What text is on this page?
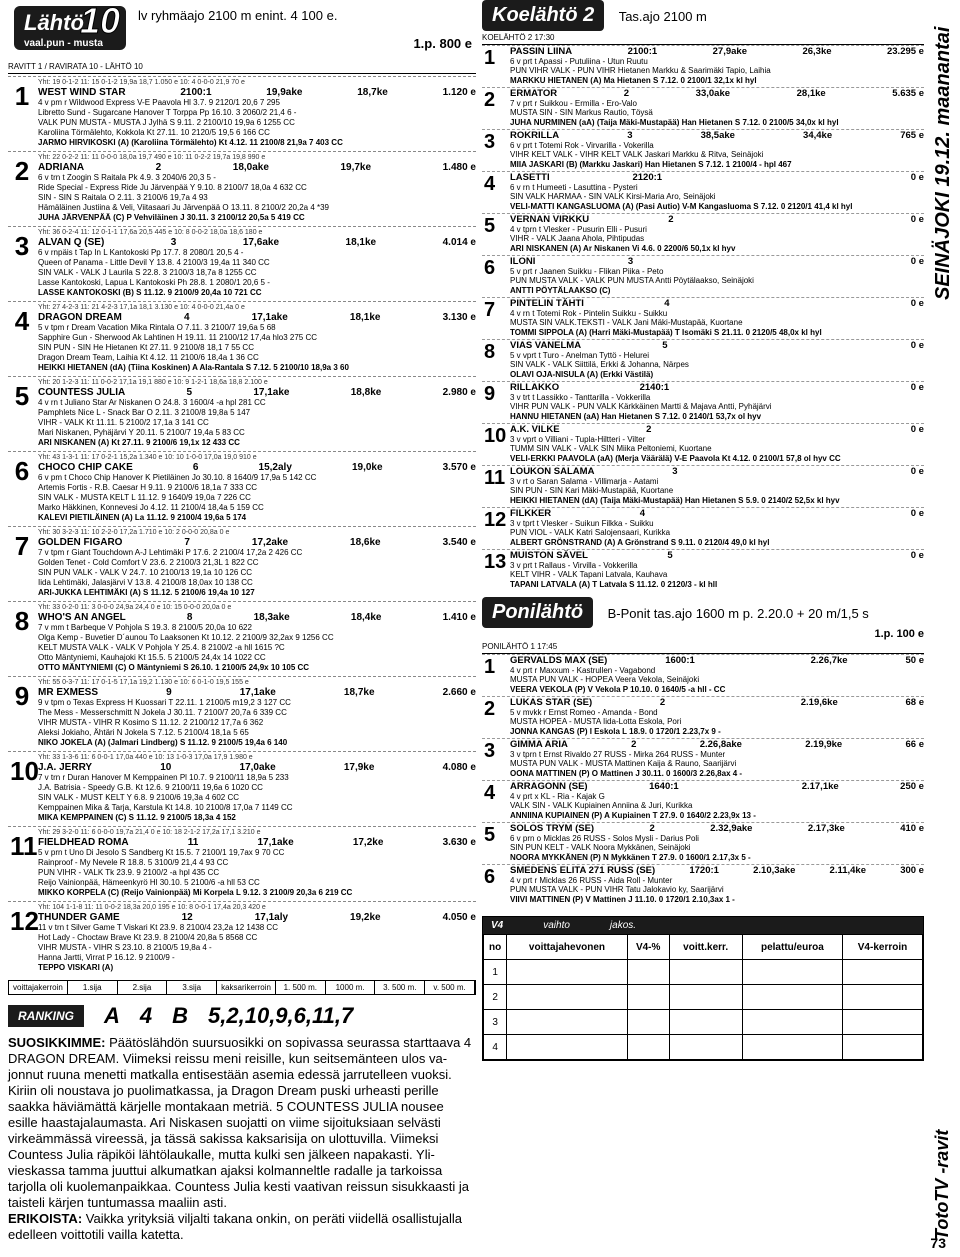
Lähtö
10
vaal.pun - musta
lv ryhmäajo 2100 m enint. 4 100 e.
1.p. 800 e
RAVITT 1 / RAVIRATA 10 - LÄHTÖ 10
1	Yht: 19 0-1-2 11: 15 0-1-2 19,9a 18,7 1.050 e 10: 4 0-0-0 21,9 70 e
WEST WIND STAR	2100:1	19,9ake	18,7ke	1.120 e
4 v pm r Wildwood Express V-E Paavola Hl 3.7. 9 2120/1 20,6 7 295
Libretto Sund - Sugarcane Hanover T Torppa Pp 16.10. 3 2060/2 21,4 6 -
VALK PUN MUSTA - MUSTA J Jylhä S 9.11. 2 2100/10 19,9a 6 1255 CC
Karoliina Törmälehto, Kokkola Kt 27.11. 10 2120/5 19,5 6 166 CC
JARMO HIRVIKOSKI (A) (Karoliina Törmälehto) Kt 4.12. 11 2100/8 21,9a 7 403 CC
2	Yht: 22 0-2-2 11: 11 0-0-0 18,0a 19,7 490 e 10: 11 0-2-2 19,7a 19,8 990 e
ADRIANA	2	18,0ake	19,7ke	1.480 e
6 v trn t Zoogin S Raitala Pk 4.9. 3 2040/6 20,3 5 -
Ride Special - Express Ride Ju Järvenpää Y 9.10. 8 2100/7 18,0a 4 632 CC
SIN - SIN S Raitala O 2.11. 3 2100/6 19,7a 4 93
Hämäläinen Justiina & Veli, Viitasaari Ju Järvenpää O 13.11. 8 2100/2 20,2a 4 *39
JUHA JÄRVENPÄÄ (C) P Vehviläinen J 30.11. 3 2100/12 20,5a 5 419 CC
3	Yht: 36 0-2-4 11: 12 0-1-1 17,6a 20,5 445 e 10: 8 0-0-2 18,0a 18,6 180 e
ALVAN Q (SE)	3	17,6ake	18,1ke	4.014 e
6 v rnpäis t Tap In L Kantokoski Pp 17.7. 8 2080/1 20,5 4 -
Queen of Panama - Little Devil Y 13.8. 4 2100/3 19,4a 11 340 CC
SIN VALK - VALK J Laurila S 22.8. 3 2100/3 18,7a 8 1255 CC
Lasse Kantokoski, Lapua L Kantokoski Ph 28.8. 1 2080/1 20,6 5 -
LASSE KANTOKOSKI (B) S 11.12. 9 2100/9 20,4a 10 721 CC
4	Yht: 27 4-2-3 11: 21 4-2-3 17,1a 18,1 3.130 e 10: 4 0-0-0 21,4a 0 e
DRAGON DREAM	4	17,1ake	18,1ke	3.130 e
5 v tpm r Dream Vacation Mika Rintala O 7.11. 3 2100/7 19,6a 5 68
Sapphire Gun - Sherwood Ak Lahtinen H 19.11. 11 2100/12 17,4a hlo3 275 CC
SIN PUN - SIN He Hietanen Kt 27.11. 9 2100/8 18,1 7 55 CC
Dragon Dream Team, Laihia Kt 4.12. 11 2100/6 18,4a 1 36 CC
HEIKKI HIETANEN (dA) (Tiina Koskinen) A Ala-Rantala S 7.12. 5 2100/10 18,9a 3 60
5	Yht: 20 1-2-3 11: 11 0-0-2 17,1a 19,1 880 e 10: 9 1-2-1 18,6a 18,8 2.100 e
COUNTESS JULIA	5	17,1ake	18,8ke	2.980 e
4 v rn t Juliano Star Ar Niskanen O 24.8. 3 1600/4 -a hpl 281 CC
Pamphlets Nice L - Snack Bar O 2.11. 3 2100/8 19,8a 5 147
VIHR - VALK Kt 11.11. 5 2100/2 17,1a 3 141 CC
Mari Niskanen, Pyhäjärvi Y 20.11. 5 2100/7 19,4a 5 83 CC
ARI NISKANEN (A) Kt 27.11. 9 2100/6 19,1x 12 433 CC
6	Yht: 43 1-3-1 11: 17 0-2-1 15,2a 1.340 e 10: 10 1-0-0 17,0a 19,0 910 e
CHOCO CHIP CAKE	6	15,2aly	19,0ke	3.570 e
6 v pm t Choco Chip Hanover K Pietiläinen Jo 30.10. 8 1640/9 17,9a 5 142 CC
Artemis Fortis - R.B. Caesar H 9.11. 9 2100/6 18,1a 7 333 CC
SIN VALK - MUSTA KELT L 11.12. 9 1640/9 19,0a 7 226 CC
Marko Häkkinen, Konnevesi Jo 4.12. 11 2100/4 18,4a 5 159 CC
KALEVI PIETILÄINEN (A) La 11.12. 9 2100/4 19,6a 5 174
7	Yht: 30 3-2-3 11: 10 2-2-0 17,2a 1.710 e 10: 2 0-0-0 20,8a 0 e
GOLDEN FIGARO	7	17,2ake	18,6ke	3.540 e
7 v tpm r Giant Touchdown A-J Lehtimäki P 17.6. 2 2100/4 17,2a 2 426 CC
Golden Tenet - Cold Comfort V 23.6. 2 2100/3 21,3L 1 822 CC
SIN PUN VALK - VALK V 24.7. 10 2100/13 19,1a 10 126 CC
Iida Lehtimäki, Jalasjärvi V 13.8. 4 2100/8 18,0ax 10 138 CC
ARI-JUKKA LEHTIMÄKI (A) S 11.12. 5 2100/6 19,4a 10 127
8	Yht: 33 0-2-0 11: 3 0-0-0 24,9a 24,4 0 e 10: 15 0-0-0 20,0a 0 e
WHO'S AN ANGEL	8	18,3ake	18,4ke	1.410 e
7 v mm t Barbeque V Pohjola S 19.3. 8 2100/5 20,0a 10 622
Olga Kemp - Buvetier D´aunou To Laaksonen Kt 10.12. 2 2100/9 32,2ax 9 1256 CC
KELT MUSTA VALK - VALK V Pohjola Y 25.4. 8 2100/2 -a hll 1615 ?C
Otto Mäntyniemi, Kauhajoki Kt 15.5. 5 2100/5 24,4x 14 1022 CC
OTTO MÄNTYNIEMI (C) O Mäntyniemi S 26.10. 1 2100/5 24,9x 10 105 CC
9	Yht: 55 0-3-7 11: 17 0-1-5 17,1a 19,2 1.130 e 10: 6 0-1-0 19,5 155 e
MR EXMESS	9	17,1ake	18,7ke	2.660 e
9 v tpm o Texas Express H Kuossari T 22.11. 1 2100/5 m19,2 3 127 CC
The Mess - Messerschmitt N Jokela J 30.11. 7 2100/7 20,7a 6 339 CC
VIHR MUSTA - VIHR R Kosimo S 11.12. 2 2100/12 17,7a 6 362
Aleksi Jokiaho, Ähtäri N Jokela S 7.12. 5 2100/4 18,1a 5 65
NIKO JOKELA (A) (Jalmari Lindberg) S 11.12. 9 2100/5 19,4a 6 140
10 Yht: 33 1-3-6 11: 6 0-0-1 17,0a 440 e 10: 13 1-0-3 17,0a 17,9 1.980 e
J.A. JERRY	10	17,0ake	17,9ke	4.080 e
7 v trn r Duran Hanover M Kemppainen Pl 10.7. 9 2100/11 18,9a 5 233
J.A. Batrisia - Speedy G.B. Kt 12.6. 9 2100/11 19,6a 6 1020 CC
SIN VALK - MUST KELT Y 6.8. 9 2100/6 19,3a 4 602 CC
Kemppainen Mika & Tarja, Karstula Kt 14.8. 10 2100/8 17,0a 7 1149 CC
MIKA KEMPPAINEN (C) S 11.12. 9 2100/5 18,3a 4 152
11 Yht: 29 3-2-0 11: 6 0-0-0 19,7a 21,4 0 e 10: 18 2-1-2 17,2a 17,1 3.210 e
FIELDHEAD ROMA	11	17,1ake	17,2ke	3.630 e
5 v prn t Uno Di Jesolo S Sandberg Kt 15.5. 7 2100/1 19,7ax 9 70 CC
Rainproof - My Nevele R 18.8. 5 3100/9 21,4 4 93 CC
PUN VIHR - VALK Tk 23.9. 9 2100/2 -a hpl 435 CC
Reijo Vainionpää, Hämeenkyrö Hl 30.10. 5 2100/6 -a hll 53 CC
MIKKO KORPELA (C) (Reijo Vainionpää) Mi Korpela L 9.12. 3 2100/9 20,3a 6 219 CC
12 Yht: 104 1-1-8 11: 11 0-0-2 18,3a 20,0 195 e 10: 8 0-0-1 17,4a 20,3 420 e
THUNDER GAME	12	17,1aly	19,2ke	4.050 e
11 v trn t Silver Game T Viskari Kt 23.9. 8 2100/4 23,2a 12 1438 CC
Hot Lady - Choctaw Brave Kt 23.9. 8 2100/4 20,8a 5 8568 CC
VIHR MUSTA - VIHR S 23.10. 8 2100/5 19,8a 4 -
Hanna Jartti, Virrat P 16.12. 9 2100/9 -
TEPPO VISKARI (A)
voittajakerroin	1.sija	2.sija	3.sija	kaksarikerroin	1. 500 m.	1000 m.	3. 500 m.	v. 500 m.
RANKING	A 4 B 5,2,10,9,6,11,7
SUOSIKKIMME: Päätöslähdön suursuosikki on sopivassa seurassa starttaava 4 DRAGON DREAM. Viimeksi reissu meni reisille, kun seitsemänteen ulos vajonnut ruuna menetti matkalla entisestään asemia edessä jarrutelleen vuoksi. Kiriin oli noustava jo puolimatkassa, ja Dragon Dream puski urheasti perille saakka häviämättä kärjelle montakaan metriä. 5 COUNTESS JULIA nousee esille haastajalaumasta. Ari Niskasen suojatti on viime sijoituksiaan selvästi virkeämmässä vireessä, ja tässä sakissa kaksarisija on ulottuvilla. Viimeksi Countess Julia räpiköi lähtölaukalle, mutta kulki sen jälkeen napakasti. Ylivieskassa tamma juuttui alkumatkan ajaksi kolmanneltle radalle ja tarkoissa tarjolla oli kuolemanpaikkaa. Countess Julia kesti vaativan reissun sisukkaasti ja taisteli kärjen tuntumassa maaliin asti.
ERIKOISTA: Vaikka yrityksiä viljalti takana onkin, on peräti viidellä osallistujalla edelleen voittotili vailla katetta.
Koelähtö 2 Tas.ajo 2100 m
KOELÄHTÖ 2 17:30
1 PASSIN LIINA	2100:1	27,9ake	26,3ke	23.295 e
6 v prt t Apassi - Putuliina - Utun Ruutu
PUN VIHR VALK - PUN VIHR Hietanen Markku & Saarimäki Tapio, Laihia
MARKKU HIETANEN (A) Ma Hietanen S 7.12. 0 2100/1 32,1x kl hyl
2 ERMATOR	2	33,0ake	28,1ke	5.635 e
7 v prt r Suikkou - Ermilla - Ero-Valo
MUSTA SIN - SIN Markus Rautio, Töysä
JUHA NURMINEN (aA) (Taija Mäki-Mustapää) Han Hietanen S 7.12. 0 2100/5 34,0x kl hyl
3 ROKRILLA	3	38,5ake	34,4ke	765 e
6 v prt t Totemi Rok - Virvarilla - Vokerilla
VIHR KELT VALK - VIHR KELT VALK Jaskari Markku & Ritva, Seinäjoki
MIIA JASKARI (B) (Markku Jaskari) Han Hietanen S 7.12. 1 2100/4 - hpl 467
4 LASETTI	2120:1	0 e
6 v rn t Humeeti - Lasuttina - Pysteri
SIN VALK HARMAA - SIN VALK Kirsi-Maria Aro, Seinäjoki
VELI-MATTI KANGASLUOMA (A) (Pasi Autio) V-M Kangasluoma S 7.12. 0 2120/1 41,4 kl hyl
5 VERNAN VIRKKU	2	0 e
4 v tprn t Vlesker - Pusurin Elli - Pusuri
VIHR - VALK Jaana Ahola, Pihtipudas
ARI NISKANEN (A) Ar Niskanen Vi 4.6. 0 2200/6 50,1x kl hyv
6 ILONI	3	0 e
5 v prt r Jaanen Suikku - Flikan Piika - Peto
PUN MUSTA VALK - VALK PUN MUSTA Antti Pöytälaakso, Seinäjoki
ANTTI PÖYTÄLAAKSO (C)
7 PINTELIN TÄHTI	4	0 e
4 v rn t Totemi Rok - Pintelin Suikku - Suikku
MUSTA SIN VALK.TEKSTI - VALK Jani Mäki-Mustapää, Kuortane
TOMMI SIPPOLA (A) (Harri Mäki-Mustapää) T Isomäki S 21.11. 0 2120/5 48,0x kl hyl
8 VIAS VANELMA	5	0 e
5 v vprt t Turo - Anelman Tyttö - Helurei
SIN VALK - VALK Siittilä, Erkki & Johanna, Närpes
OLAVI OJA-NISULA (A) (Erkki Västilä)
9 RILLAKKO	2140:1	0 e
3 v trt t Lassikko - Tanttarilla - Vokkerilla
VIHR PUN VALK - PUN VALK Kärkkäinen Martti & Majava Antti, Pyhäjärvi
HANNU HIETANEN (aA) Han Hietanen S 7.12. 0 2140/1 53,7x ol hyv
10 A.K. VILKE	2	0 e
3 v vprt o Villiani - Tupla-Hiltteri - Vilter
TUMM SIN VALK - VALK SIN Miika Peltoniemi, Kuortane
VELI-ERKKI PAAVOLA (aA) (Merja Väärälä) V-E Paavola Kt 4.12. 0 2100/1 57,8 ol hyv CC
11 LOUKON SALAMA	3	0 e
3 v rt o Saran Salama - Villimarja - Aatami
SIN PUN - SIN Kari Mäki-Mustapää, Kuortane
HEIKKI HIETANEN (dA) (Taija Mäki-Mustapää) Han Hietanen S 5.9. 0 2140/2 52,5x kl hyv
12 FILKKER	4	0 e
3 v tprt t Vlesker - Suikun Filkka - Suikku
PUN VIOL - VALK Katri Salojensaari, Kurikka
ALBERT GRÖNSTRAND (A) A Grönstrand S 9.11. 0 2120/4 49,0 kl hyl
13 MUISTON SÄVEL	5	0 e
3 v prt t Rallaus - Virvilla - Vokkerilla
KELT VIHR - VALK Tapani Latvala, Kauhava
TAPANI LATVALA (A) T Latvala S 11.12. 0 2120/3 - kl hll
Ponilähtö B-Ponit tas.ajo 1600 m p. 2.20.0 + 20 m/1,5 s
1.p. 100 e
PONILÄHTÖ 1 17:45
1 GERVALDS MAX (SE)	1600:1	2.26,7ke	50 e
4 v prt r Maxxum - Kastrullen - Vagabond
MUSTA PUN VALK - HOPEA Veera Vekola, Seinäjoki
VEERA VEKOLA (P) V Vekola P 10.10. 0 1640/5 -a hll - CC
2 LUKAS STAR (SE)	2	2.19,6ke	68 e
5 v mvkk r Ernst Romeo - Amanda - Bond
MUSTA HOPEA - MUSTA Iida-Lotta Eskola, Pori
JONNA KANGAS (P) I Eskola L 18.9. 0 1720/1 2.23,7x 9 -
3 GIMMA ARIA	2	2.26,8ake	2.19,9ke	66 e
3 v tprn t Ernst Rivaldo 27 RUSS - Mirka 264 RUSS - Munter
MUSTA PUN VALK - MUSTA Mattinen Kaija & Rauno, Saarijärvi
OONA MATTINEN (P) O Mattinen J 30.11. 0 1600/3 2.26,8ax 4 -
4 ARRAGONN (SE)	1640:1	2.17,1ke	250 e
4 v prt x KL - Ria - Kajak G
VALK SIN - VALK Kupiainen Anniina & Juri, Kurikka
ANNIINA KUPIAINEN (P) A Kupiainen T 27.9. 0 1640/2 2.23,9x 13 -
5 SOLOS TRYM (SE)	2	2.32,9ake	2.17,3ke	410 e
6 v prn o Micklas 26 RUSS - Solos Mysli - Darius Poli
SIN PUN KELT - VALK Noora Mykkänen, Seinäjoki
NOORA MYKKÄNEN (P) N Mykkänen T 27.9. 0 1600/1 2.17,3x 5 -
6 SMEDENS ELITA 271 RUSS (SE)	1720:1	2.10,3ake	2.11,4ke	300 e
4 v prt r Micklas 26 RUSS - Aida Roll - Munter
PUN MUSTA VALK - PUN VIHR Tatu Jalokavio ky, Saarijärvi
VIIVI MATTINEN (P) V Mattinen J 11.10. 0 1720/1 2.10,3ax 1 -
V4	vaihto	jakos.
no	voittajahevonen	V4-%	voitt.kerr.	pelattu/euroa	V4-kerroin
1					
2					
3					
4					
SEINÄJOKI 19.12. maanantai
TotoTV -ravit
73
